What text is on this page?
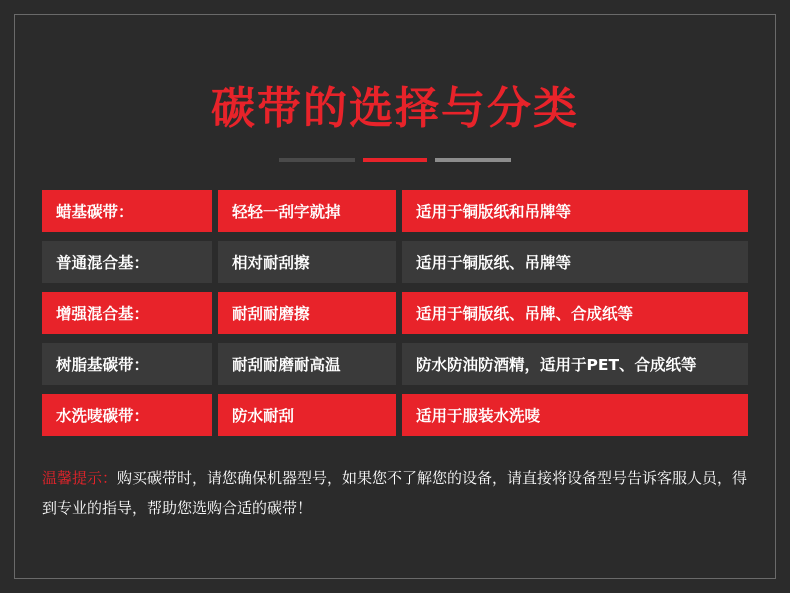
碳带的选择与分类
蜡基碳带：	轻轻一刮字就掉	适用于铜版纸和吊牌等
普通混合基：	相对耐刮擦	适用于铜版纸、吊牌等
增强混合基：	耐刮耐磨擦	适用于铜版纸、吊牌、合成纸等
树脂基碳带：	耐刮耐磨耐高温	防水防油防酒精，适用于PET、合成纸等
水洗唛碳带：	防水耐刮	适用于服装水洗唛
温馨提示：购买碳带时，请您确保机器型号，如果您不了解您的设备，请直接将设备型号告诉客服人员，得到专业的指导，帮助您选购合适的碳带！
